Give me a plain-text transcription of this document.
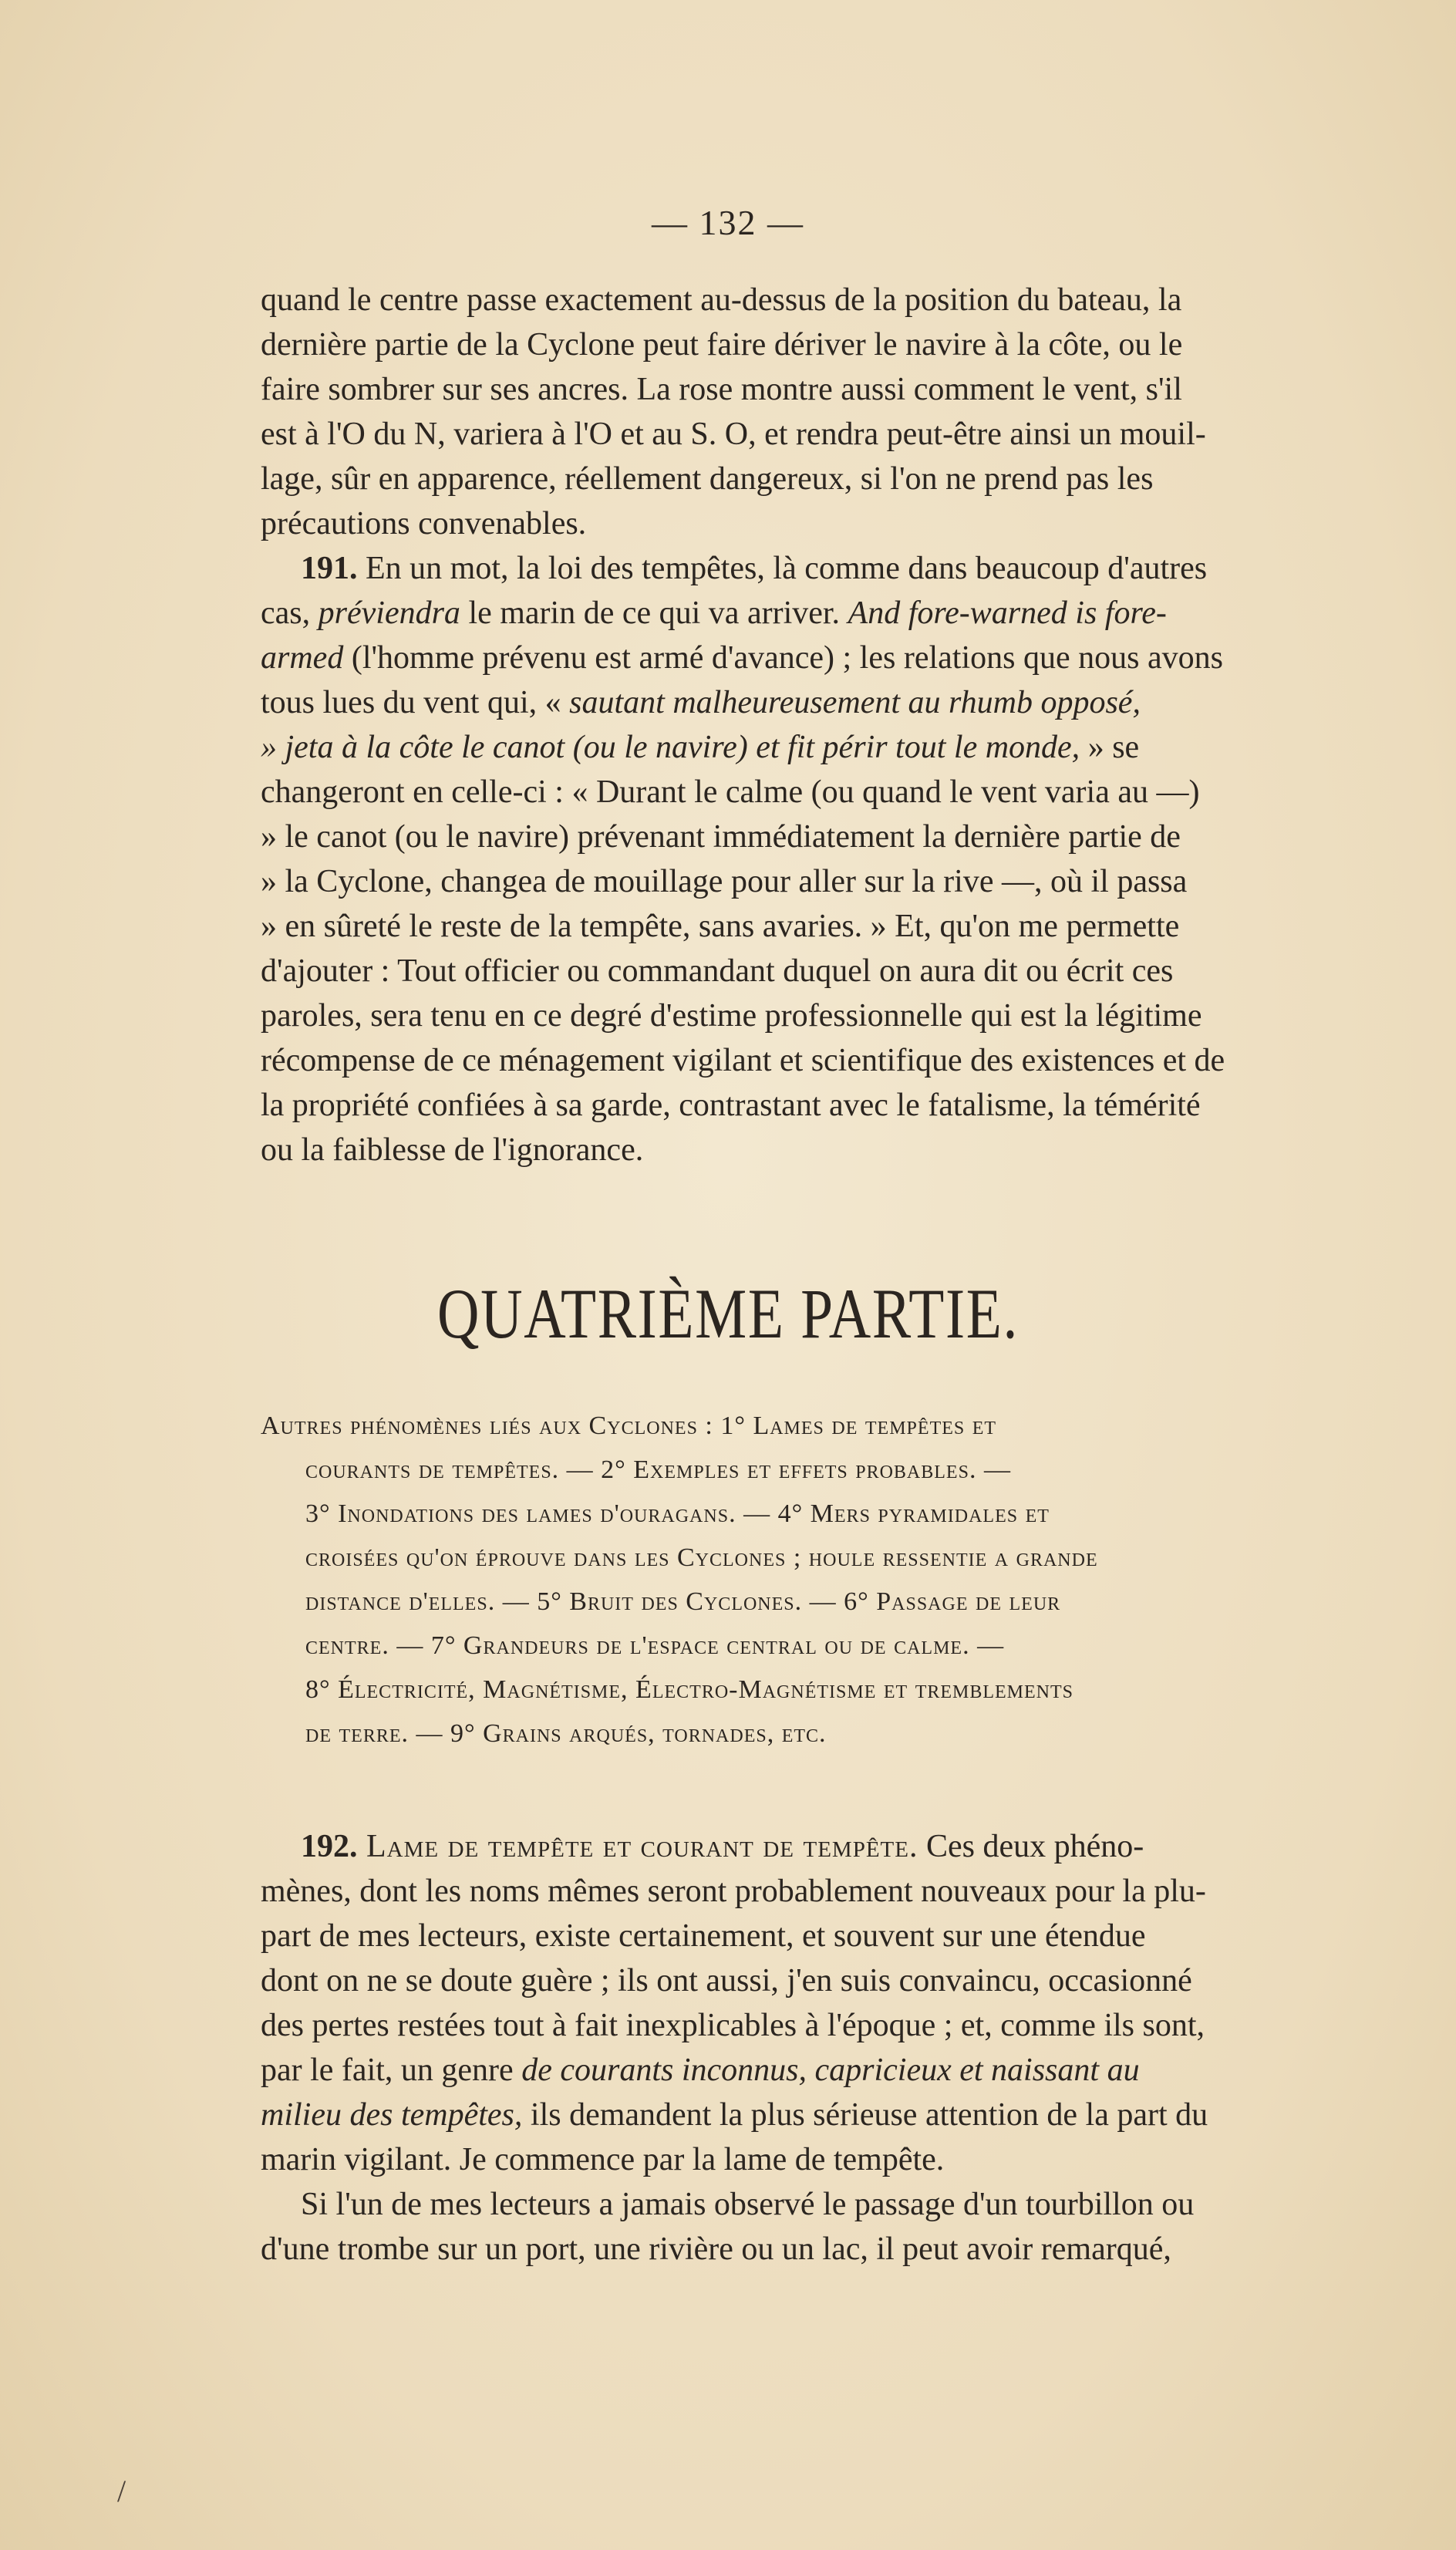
— 132 —
quand le centre passe exactement au-dessus de la position du bateau, la
dernière partie de la Cyclone peut faire dériver le navire à la côte, ou le
faire sombrer sur ses ancres. La rose montre aussi comment le vent, s'il
est à l'O du N, variera à l'O et au S. O, et rendra peut-être ainsi un mouil-
lage, sûr en apparence, réellement dangereux, si l'on ne prend pas les
précautions convenables.
191. En un mot, la loi des tempêtes, là comme dans beaucoup d'autres
cas, préviendra le marin de ce qui va arriver. And fore-warned is fore-
armed (l'homme prévenu est armé d'avance) ; les relations que nous avons
tous lues du vent qui, « sautant malheureusement au rhumb opposé,
» jeta à la côte le canot (ou le navire) et fit périr tout le monde, » se
changeront en celle-ci : « Durant le calme (ou quand le vent varia au —)
» le canot (ou le navire) prévenant immédiatement la dernière partie de
» la Cyclone, changea de mouillage pour aller sur la rive —, où il passa
» en sûreté le reste de la tempête, sans avaries. » Et, qu'on me permette
d'ajouter : Tout officier ou commandant duquel on aura dit ou écrit ces
paroles, sera tenu en ce degré d'estime professionnelle qui est la légitime
récompense de ce ménagement vigilant et scientifique des existences et de
la propriété confiées à sa garde, contrastant avec le fatalisme, la témérité
ou la faiblesse de l'ignorance.
QUATRIÈME PARTIE.
Autres phénomènes liés aux Cyclones : 1° Lames de tempêtes et
courants de tempêtes. — 2° Exemples et effets probables. —
3° Inondations des lames d'ouragans. — 4° Mers pyramidales et
croisées qu'on éprouve dans les Cyclones ; houle ressentie a grande
distance d'elles. — 5° Bruit des Cyclones. — 6° Passage de leur
centre. — 7° Grandeurs de l'espace central ou de calme. —
8° Électricité, Magnétisme, Électro-Magnétisme et tremblements
de terre. — 9° Grains arqués, tornades, etc.
192. Lame de tempête et courant de tempête. Ces deux phéno-
mènes, dont les noms mêmes seront probablement nouveaux pour la plu-
part de mes lecteurs, existe certainement, et souvent sur une étendue
dont on ne se doute guère ; ils ont aussi, j'en suis convaincu, occasionné
des pertes restées tout à fait inexplicables à l'époque ; et, comme ils sont,
par le fait, un genre de courants inconnus, capricieux et naissant au
milieu des tempêtes, ils demandent la plus sérieuse attention de la part du
marin vigilant. Je commence par la lame de tempête.
Si l'un de mes lecteurs a jamais observé le passage d'un tourbillon ou
d'une trombe sur un port, une rivière ou un lac, il peut avoir remarqué,
/
